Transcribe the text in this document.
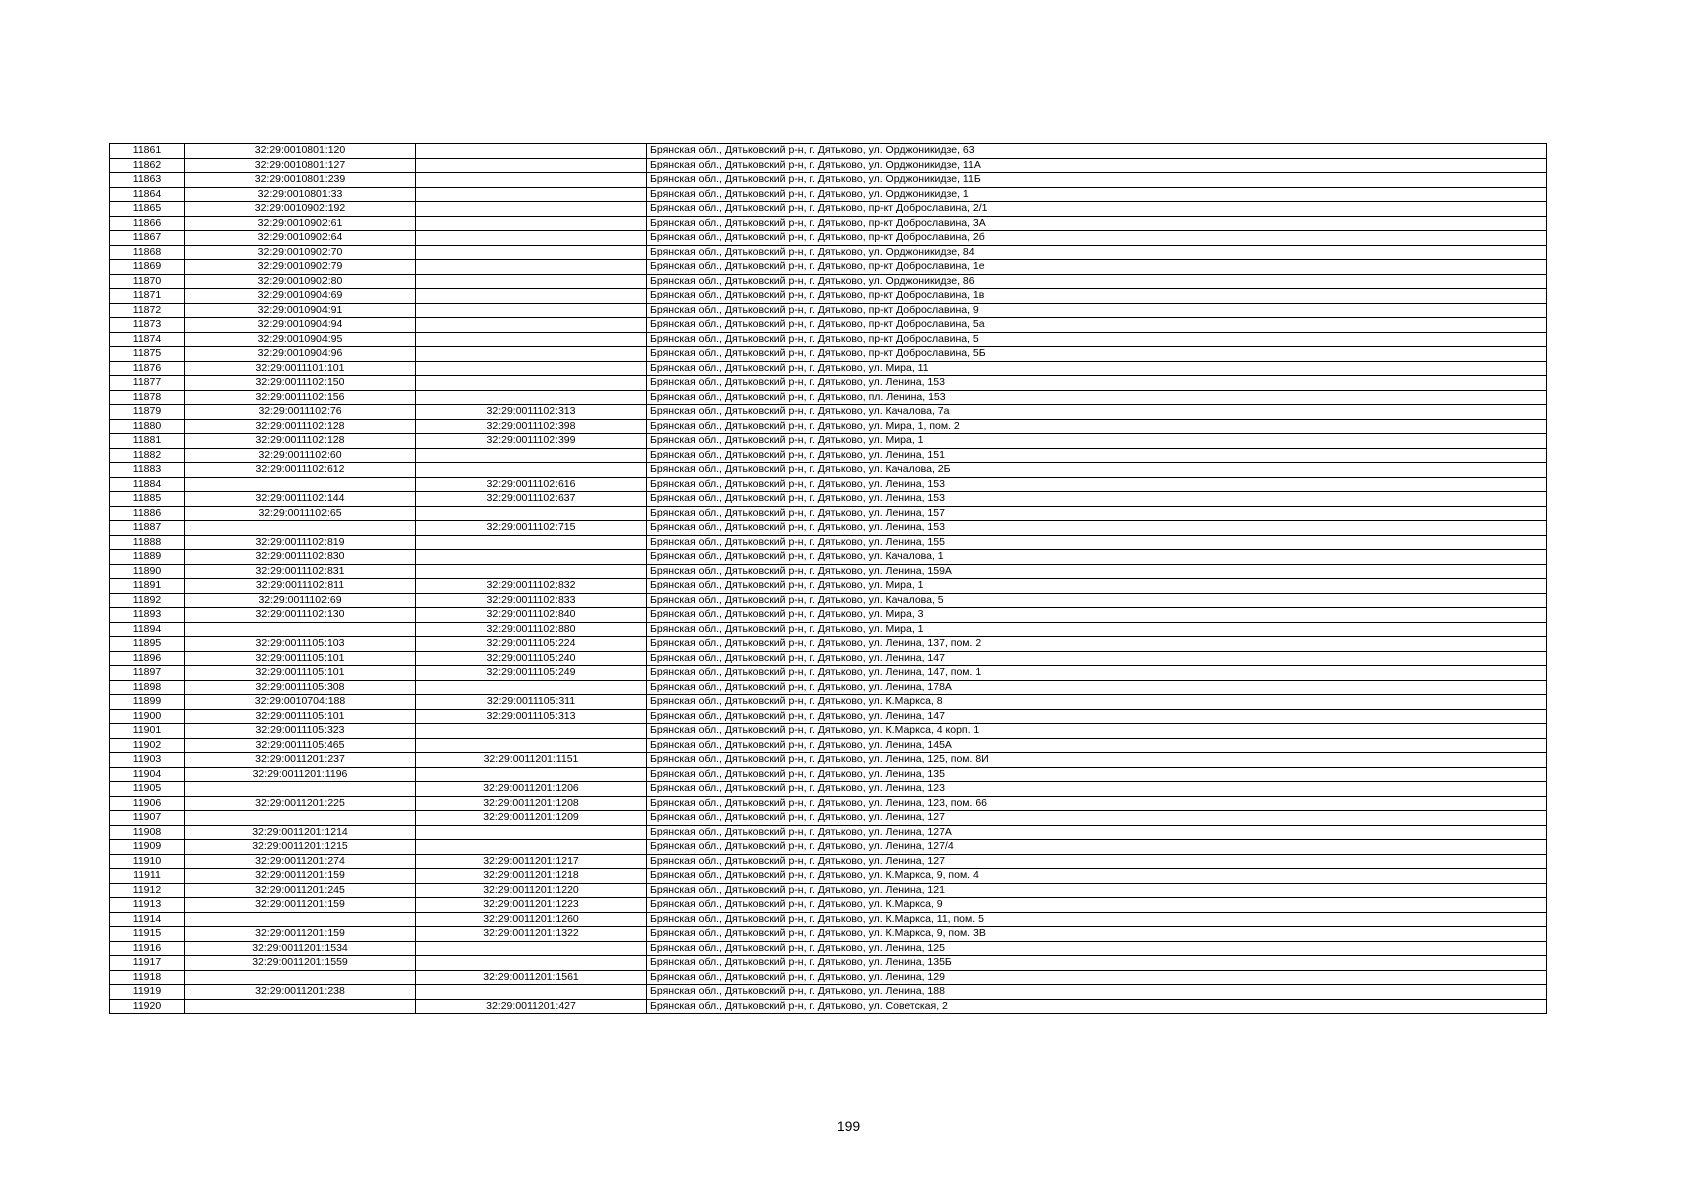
11861	32:29:0010801:120		Брянская обл., Дятьковский р-н, г. Дятьково, ул. Орджоникидзе, 63
11862	32:29:0010801:127		Брянская обл., Дятьковский р-н, г. Дятьково, ул. Орджоникидзе, 11А
11863	32:29:0010801:239		Брянская обл., Дятьковский р-н, г. Дятьково, ул. Орджоникидзе, 11Б
11864	32:29:0010801:33		Брянская обл., Дятьковский р-н, г. Дятьково, ул. Орджоникидзе, 1
11865	32:29:0010902:192		Брянская обл., Дятьковский р-н, г. Дятьково, пр-кт Доброславина, 2/1
11866	32:29:0010902:61		Брянская обл., Дятьковский р-н, г. Дятьково, пр-кт Доброславина, 3А
11867	32:29:0010902:64		Брянская обл., Дятьковский р-н, г. Дятьково, пр-кт Доброславина, 2б
11868	32:29:0010902:70		Брянская обл., Дятьковский р-н, г. Дятьково, ул. Орджоникидзе, 84
11869	32:29:0010902:79		Брянская обл., Дятьковский р-н, г. Дятьково, пр-кт Доброславина, 1е
11870	32:29:0010902:80		Брянская обл., Дятьковский р-н, г. Дятьково, ул. Орджоникидзе, 86
11871	32:29:0010904:69		Брянская обл., Дятьковский р-н, г. Дятьково, пр-кт Доброславина, 1в
11872	32:29:0010904:91		Брянская обл., Дятьковский р-н, г. Дятьково, пр-кт Доброславина, 9
11873	32:29:0010904:94		Брянская обл., Дятьковский р-н, г. Дятьково, пр-кт Доброславина, 5а
11874	32:29:0010904:95		Брянская обл., Дятьковский р-н, г. Дятьково, пр-кт Доброславина, 5
11875	32:29:0010904:96		Брянская обл., Дятьковский р-н, г. Дятьково, пр-кт Доброславина, 5Б
11876	32:29:0011101:101		Брянская обл., Дятьковский р-н, г. Дятьково, ул. Мира, 11
11877	32:29:0011102:150		Брянская обл., Дятьковский р-н, г. Дятьково, ул. Ленина, 153
11878	32:29:0011102:156		Брянская обл., Дятьковский р-н, г. Дятьково, пл. Ленина, 153
11879	32:29:0011102:76	32:29:0011102:313	Брянская обл., Дятьковский р-н, г. Дятьково, ул. Качалова, 7а
11880	32:29:0011102:128	32:29:0011102:398	Брянская обл., Дятьковский р-н, г. Дятьково, ул. Мира, 1, пом. 2
11881	32:29:0011102:128	32:29:0011102:399	Брянская обл., Дятьковский р-н, г. Дятьково, ул. Мира, 1
11882	32:29:0011102:60		Брянская обл., Дятьковский р-н, г. Дятьково, ул. Ленина, 151
11883	32:29:0011102:612		Брянская обл., Дятьковский р-н, г. Дятьково, ул. Качалова, 2Б
11884		32:29:0011102:616	Брянская обл., Дятьковский р-н, г. Дятьково, ул. Ленина, 153
11885	32:29:0011102:144	32:29:0011102:637	Брянская обл., Дятьковский р-н, г. Дятьково, ул. Ленина, 153
11886	32:29:0011102:65		Брянская обл., Дятьковский р-н, г. Дятьково, ул. Ленина, 157
11887		32:29:0011102:715	Брянская обл., Дятьковский р-н, г. Дятьково, ул. Ленина, 153
11888	32:29:0011102:819		Брянская обл., Дятьковский р-н, г. Дятьково, ул. Ленина, 155
11889	32:29:0011102:830		Брянская обл., Дятьковский р-н, г. Дятьково, ул. Качалова, 1
11890	32:29:0011102:831		Брянская обл., Дятьковский р-н, г. Дятьково, ул. Ленина, 159А
11891	32:29:0011102:811	32:29:0011102:832	Брянская обл., Дятьковский р-н, г. Дятьково, ул. Мира, 1
11892	32:29:0011102:69	32:29:0011102:833	Брянская обл., Дятьковский р-н, г. Дятьково, ул. Качалова, 5
11893	32:29:0011102:130	32:29:0011102:840	Брянская обл., Дятьковский р-н, г. Дятьково, ул. Мира, 3
11894		32:29:0011102:880	Брянская обл., Дятьковский р-н, г. Дятьково, ул. Мира, 1
11895	32:29:0011105:103	32:29:0011105:224	Брянская обл., Дятьковский р-н, г. Дятьково, ул. Ленина, 137, пом. 2
11896	32:29:0011105:101	32:29:0011105:240	Брянская обл., Дятьковский р-н, г. Дятьково, ул. Ленина, 147
11897	32:29:0011105:101	32:29:0011105:249	Брянская обл., Дятьковский р-н, г. Дятьково, ул. Ленина, 147, пом. 1
11898	32:29:0011105:308		Брянская обл., Дятьковский р-н, г. Дятьково, ул. Ленина, 178А
11899	32:29:0010704:188	32:29:0011105:311	Брянская обл., Дятьковский р-н, г. Дятьково, ул. К.Маркса, 8
11900	32:29:0011105:101	32:29:0011105:313	Брянская обл., Дятьковский р-н, г. Дятьково, ул. Ленина, 147
11901	32:29:0011105:323		Брянская обл., Дятьковский р-н, г. Дятьково, ул. К.Маркса, 4 корп. 1
11902	32:29:0011105:465		Брянская обл., Дятьковский р-н, г. Дятьково, ул. Ленина, 145А
11903	32:29:0011201:237	32:29:0011201:1151	Брянская обл., Дятьковский р-н, г. Дятьково, ул. Ленина, 125, пом. 8И
11904	32:29:0011201:1196		Брянская обл., Дятьковский р-н, г. Дятьково, ул. Ленина, 135
11905		32:29:0011201:1206	Брянская обл., Дятьковский р-н, г. Дятьково, ул. Ленина, 123
11906	32:29:0011201:225	32:29:0011201:1208	Брянская обл., Дятьковский р-н, г. Дятьково, ул. Ленина, 123, пом. 66
11907		32:29:0011201:1209	Брянская обл., Дятьковский р-н, г. Дятьково, ул. Ленина, 127
11908	32:29:0011201:1214		Брянская обл., Дятьковский р-н, г. Дятьково, ул. Ленина, 127А
11909	32:29:0011201:1215		Брянская обл., Дятьковский р-н, г. Дятьково, ул. Ленина, 127/4
11910	32:29:0011201:274	32:29:0011201:1217	Брянская обл., Дятьковский р-н, г. Дятьково, ул. Ленина, 127
11911	32:29:0011201:159	32:29:0011201:1218	Брянская обл., Дятьковский р-н, г. Дятьково, ул. К.Маркса, 9, пом. 4
11912	32:29:0011201:245	32:29:0011201:1220	Брянская обл., Дятьковский р-н, г. Дятьково, ул. Ленина, 121
11913	32:29:0011201:159	32:29:0011201:1223	Брянская обл., Дятьковский р-н, г. Дятьково, ул. К.Маркса, 9
11914		32:29:0011201:1260	Брянская обл., Дятьковский р-н, г. Дятьково, ул. К.Маркса, 11, пом. 5
11915	32:29:0011201:159	32:29:0011201:1322	Брянская обл., Дятьковский р-н, г. Дятьково, ул. К.Маркса, 9, пом. 3В
11916	32:29:0011201:1534		Брянская обл., Дятьковский р-н, г. Дятьково, ул. Ленина, 125
11917	32:29:0011201:1559		Брянская обл., Дятьковский р-н, г. Дятьково, ул. Ленина, 135Б
11918		32:29:0011201:1561	Брянская обл., Дятьковский р-н, г. Дятьково, ул. Ленина, 129
11919	32:29:0011201:238		Брянская обл., Дятьковский р-н, г. Дятьково, ул. Ленина, 188
11920		32:29:0011201:427	Брянская обл., Дятьковский р-н, г. Дятьково, ул. Советская, 2
199
